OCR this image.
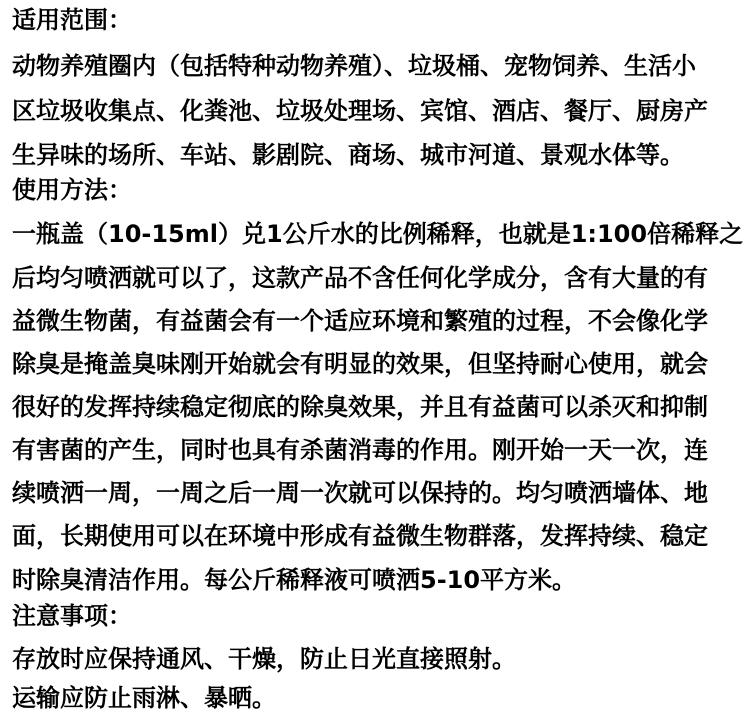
适用范围：
动物养殖圈内（包括特种动物养殖）、垃圾桶、宠物饲养、生活小
区垃圾收集点、化粪池、垃圾处理场、宾馆、酒店、餐厅、厨房产
生异味的场所、车站、影剧院、商场、城市河道、景观水体等。
使用方法：
一瓶盖（10-15ml）兑1公斤水的比例稀释，也就是1:100倍稀释之
后均匀喷洒就可以了，这款产品不含任何化学成分，含有大量的有
益微生物菌，有益菌会有一个适应环境和繁殖的过程，不会像化学
除臭是掩盖臭味刚开始就会有明显的效果，但坚持耐心使用，就会
很好的发挥持续稳定彻底的除臭效果，并且有益菌可以杀灭和抑制
有害菌的产生，同时也具有杀菌消毒的作用。刚开始一天一次，连
续喷洒一周，一周之后一周一次就可以保持的。均匀喷洒墙体、地
面，长期使用可以在环境中形成有益微生物群落，发挥持续、稳定
时除臭清洁作用。每公斤稀释液可喷洒5-10平方米。
注意事项：
存放时应保持通风、干燥，防止日光直接照射。
运输应防止雨淋、暴晒。
